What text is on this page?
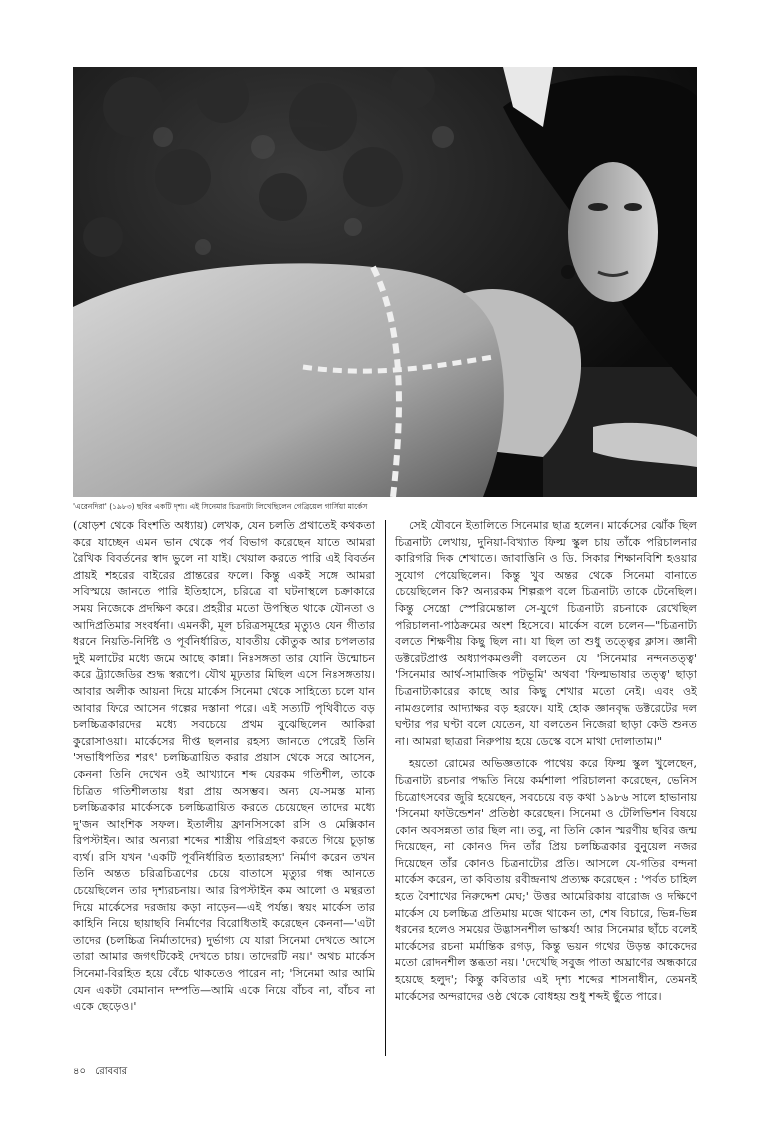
'এরেনদিরা' (১৯৮৩) ছবির একটি দৃশ্য। এই সিনেমার চিত্রনাট্য লিখেছিলেন গেব্রিয়েল গার্সিয়া মার্কেস

(ষোড়শ থেকে বিংশতি অধ্যায়) লেখক, যেন চলতি প্রথাতেই কথকতা করে যাচ্ছেন এমন ভান থেকে পর্ব বিভাগ করেছেন যাতে আমরা রৈখিক বিবর্তনের স্বাদ ভুলে না যাই। খেয়াল করতে পারি এই বিবর্তন প্রায়ই শহরের বাইরের প্রান্তরের ফলে। কিন্তু একই সঙ্গে আমরা সবিস্ময়ে জানতে পারি ইতিহাসে, চরিত্রে বা ঘটনাস্থলে চক্রাকারে সময় নিজেকে প্রদক্ষিণ করে। প্রহরীর মতো উপস্থিত থাকে যৌনতা ও আদিপ্রতিমার সংবর্ধনা। এমনকী, মূল চরিত্রসমূহের মৃত্যুও যেন গীতার ধরনে নিয়তি-নির্দিষ্ট ও পূর্বনির্ধারিত, যাবতীয় কৌতুক আর চপলতার দুই মলাটের মধ্যে জমে আছে কান্না। নিঃসঙ্গতা তার যোনি উন্মোচন করে ট্র্যাজেডির শুদ্ধ স্বরূপে। যৌথ মূঢ়তার মিছিল এসে নিঃসঙ্গতায়। আবার অলীক আয়না দিয়ে মার্কেস সিনেমা থেকে সাহিত্যে চলে যান আবার ফিরে আসেন গল্পের দস্তানা পরে। এই সত্যটি পৃথিবীতে বড় চলচ্চিত্রকারদের মধ্যে সবচেয়ে প্রথম বুঝেছিলেন আকিরা কুরোসাওয়া। মার্কেসের দীপ্ত ছলনার রহস্য জানতে পেরেই তিনি 'সভাধিপতির শরৎ' চলচ্চিত্রায়িত করার প্রয়াস থেকে সরে আসেন, কেননা তিনি দেখেন ওই আখ্যানে শব্দ যেরকম গতিশীল, তাকে চিত্রিত গতিশীলতায় ধরা প্রায় অসম্ভব। অন্য যে-সমস্ত মান্য চলচ্চিত্রকার মার্কেসকে চলচ্চিত্রায়িত করতে চেয়েছেন তাদের মধ্যে দু'জন আংশিক সফল। ইতালীয় ফ্রানসিসকো রসি ও মেক্সিকান রিপস্টাইন। আর অন্যরা শব্দের শাস্ত্রীয় পরিগ্রহণ করতে গিয়ে চূড়ান্ত ব্যর্থ। রসি যখন 'একটি পূর্বনির্ধারিত হত্যারহস্য' নির্মাণ করেন তখন তিনি অন্তত চরিত্রচিত্রণের চেয়ে বাতাসে মৃত্যুর গন্ধ আনতে চেয়েছিলেন তার দৃশ্যরচনায়। আর রিপস্টাইন কম আলো ও মন্থরতা দিয়ে মার্কেসের দরজায় কড়া নাড়েন—এই পর্যন্ত। স্বয়ং মার্কেস তার কাহিনি নিয়ে ছায়াছবি নির্মাণের বিরোধিতাই করেছেন কেননা—'এটা তাদের (চলচ্চিত্র নির্মাতাদের) দুর্ভাগ্য যে যারা সিনেমা দেখতে আসে তারা আমার জগৎটিকেই দেখতে চায়। তাদেরটি নয়।' অথচ মার্কেস সিনেমা-বিরহিত হয়ে বেঁচে থাকতেও পারেন না; 'সিনেমা আর আমি যেন একটা বেমানান দম্পতি—আমি একে নিয়ে বাঁচব না, বাঁচব না একে ছেড়েও।'

সেই যৌবনে ইতালিতে সিনেমার ছাত্র হলেন। মার্কেসের ঝোঁক ছিল চিত্রনাট্য লেখায়, দুনিয়া-বিখ্যাত ফিল্ম স্কুল চায় তাঁকে পরিচালনার কারিগরি দিক শেখাতে। জাবাত্তিনি ও ডি. সিকার শিক্ষানবিশি হওয়ার সুযোগ পেয়েছিলেন। কিন্তু খুব অন্তর থেকে সিনেমা বানাতে চেয়েছিলেন কি? অন্যরকম শিল্পরূপ বলে চিত্রনাট্য তাকে টেনেছিল। কিন্তু সেন্ত্রো স্পেরিমেন্তাল সে-যুগে চিত্রনাট্য রচনাকে রেখেছিল পরিচালনা-পাঠক্রমের অংশ হিসেবে। মার্কেস বলে চলেন—"চিত্রনাট্য বলতে শিক্ষণীয় কিছু ছিল না। যা ছিল তা শুধু তত্ত্বের ক্লাস। জ্ঞানী ডক্টরেটপ্রাপ্ত অধ্যাপকমণ্ডলী বলতেন যে 'সিনেমার নন্দনতত্ত্ব' 'সিনেমার আর্থ-সামাজিক পটভূমি' অথবা 'ফিল্মভাষার তত্ত্ব' ছাড়া চিত্রনাট্যকারের কাছে আর কিছু শেখার মতো নেই। এবং ওই নামগুলোর আদ্যাক্ষর বড় হরফে। যাই হোক জ্ঞানবৃদ্ধ ডক্টরেটের দল ঘণ্টার পর ঘণ্টা বলে যেতেন, যা বলতেন নিজেরা ছাড়া কেউ শুনত না। আমরা ছাত্ররা নিরুপায় হয়ে ডেস্কে বসে মাথা দোলাতাম।"

হয়তো রোমের অভিজ্ঞতাকে পাথেয় করে ফিল্ম স্কুল খুলেছেন, চিত্রনাট্য রচনার পদ্ধতি নিয়ে কর্মশালা পরিচালনা করেছেন, ভেনিস চিত্রোৎসবের জুরি হয়েছেন, সবচেয়ে বড় কথা ১৯৮৬ সালে হাভানায় 'সিনেমা ফাউন্ডেশন' প্রতিষ্ঠা করেছেন। সিনেমা ও টেলিভিশন বিষয়ে কোন অবসন্নতা তার ছিল না। তবু, না তিনি কোন স্মরণীয় ছবির জন্ম দিয়েছেন, না কোনও দিন তাঁর প্রিয় চলচ্চিত্রকার বুনুয়েল নজর দিয়েছেন তাঁর কোনও চিত্রনাট্যের প্রতি। আসলে যে-গতির বন্দনা মার্কেস করেন, তা কবিতায় রবীন্দ্রনাথ প্রত্যক্ষ করেছেন : 'পর্বত চাহিল হতে বৈশাখের নিরুদ্দেশ মেঘ;' উত্তর আমেরিকায় বারোজ ও দক্ষিণে মার্কেস যে চলচ্চিত্র প্রতিমায় মজে থাকেন তা, শেষ বিচারে, ভিন্ন-ভিন্ন ধরনের হলেও সময়ের উদ্ভাসনশীল ভাস্কর্য! আর সিনেমার ছাঁচে বলেই মার্কেসের রচনা মর্মান্তিক রগড়, কিন্তু ভয়ন গথের উড়ন্ত কাকেদের মতো রোদনশীল স্তব্ধতা নয়। 'দেখেছি সবুজ পাতা অঘ্রাণের অন্ধকারে হয়েছে হলুদ'; কিন্তু কবিতার এই দৃশ্য শব্দের শাসনাধীন, তেমনই মার্কেসের অন্দরাদের ওষ্ঠ থেকে বোধহয় শুধু শব্দই ছুঁতে পারে।

৪০ রোববার
